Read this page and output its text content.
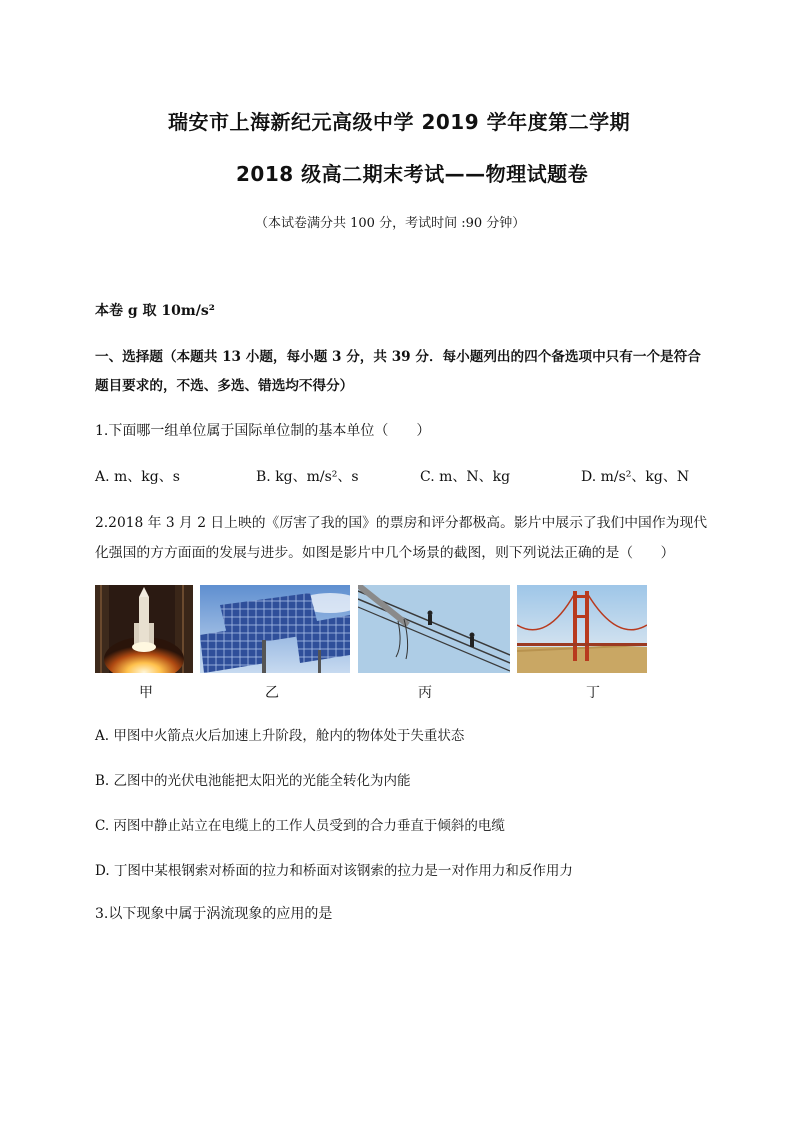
瑞安市上海新纪元高级中学 2019 学年度第二学期
2018 级高二期末考试——物理试题卷
（本试卷满分共 100 分，考试时间 :90 分钟）
本卷 g 取 10m/s²
一、选择题（本题共 13 小题，每小题 3 分，共 39 分．每小题列出的四个备选项中只有一个是符合
题目要求的，不选、多选、错选均不得分）
1.下面哪一组单位属于国际单位制的基本单位（　　）
A. m、kg、s	B. kg、m/s²、s	C. m、N、kg	D. m/s²、kg、N
2.2018 年 3 月 2 日上映的《厉害了我的国》的票房和评分都极高。影片中展示了我们中国作为现代
化强国的方方面面的发展与进步。如图是影片中几个场景的截图，则下列说法正确的是（　　）
甲	乙	丙	丁
A. 甲图中火箭点火后加速上升阶段，舱内的物体处于失重状态
B. 乙图中的光伏电池能把太阳光的光能全转化为内能
C. 丙图中静止站立在电缆上的工作人员受到的合力垂直于倾斜的电缆
D. 丁图中某根钢索对桥面的拉力和桥面对该钢索的拉力是一对作用力和反作用力
3.以下现象中属于涡流现象的应用的是
